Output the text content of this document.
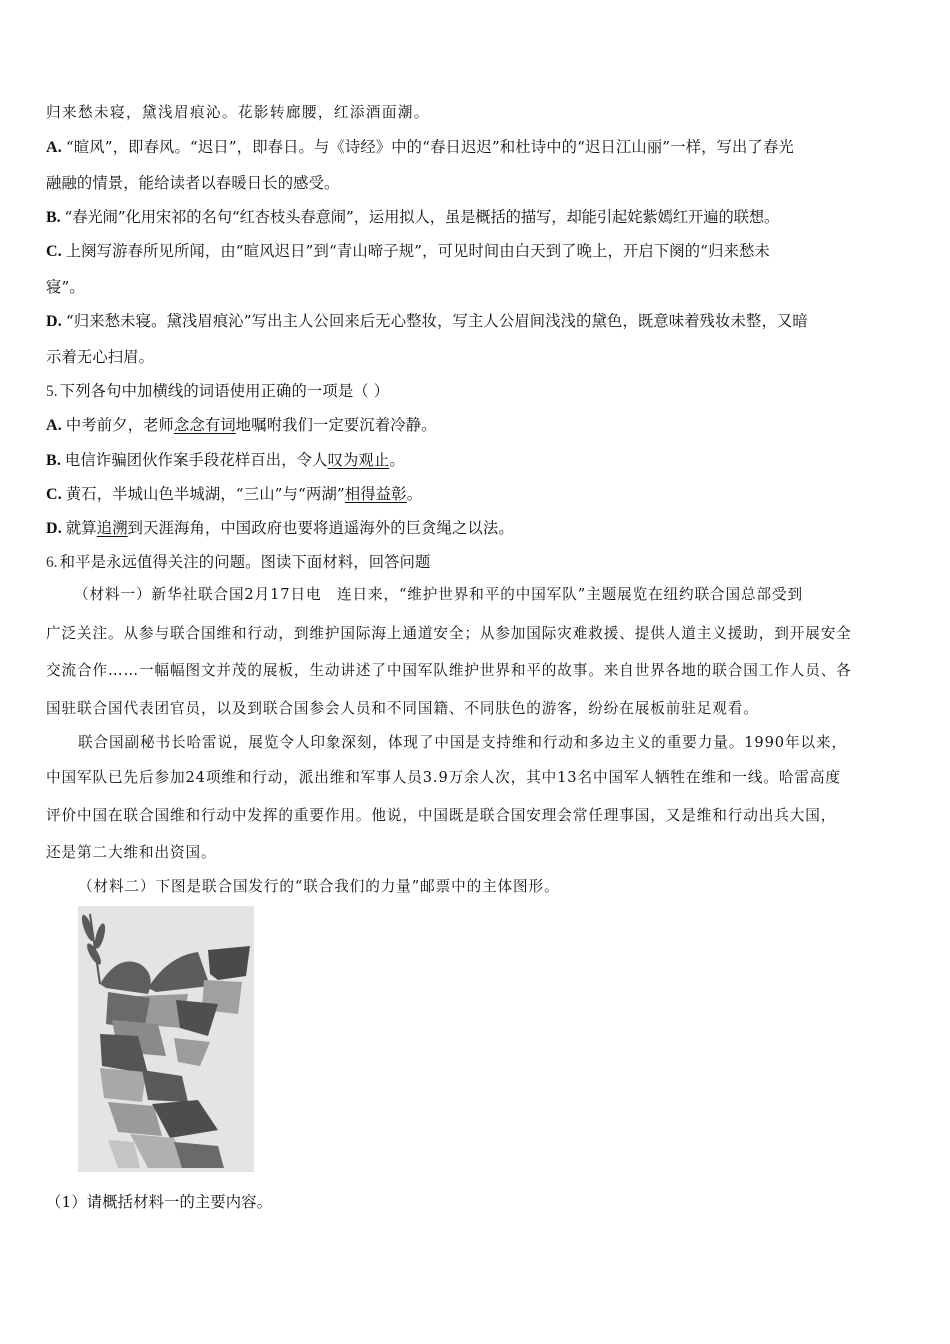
归来愁未寝，黛浅眉痕沁。花影转廊腰，红添酒面潮。
A. “暄风”，即春风。“迟日”，即春日。与《诗经》中的“春日迟迟”和杜诗中的“迟日江山丽”一样，写出了春光
融融的情景，能给读者以春暖日长的感受。
B. “春光闹”化用宋祁的名句“红杏枝头春意闹”，运用拟人，虽是概括的描写，却能引起姹紫嫣红开遍的联想。
C. 上阕写游春所见所闻，由“暄风迟日”到“青山啼子规”，可见时间由白天到了晚上，开启下阕的“归来愁未
寝”。
D. “归来愁未寝。黛浅眉痕沁”写出主人公回来后无心整妆，写主人公眉间浅浅的黛色，既意味着残妆未整，又暗
示着无心扫眉。
5. 下列各句中加横线的词语使用正确的一项是（ ）
A. 中考前夕，老师念念有词地嘱咐我们一定要沉着冷静。
B. 电信诈骗团伙作案手段花样百出，令人叹为观止。
C. 黄石，半城山色半城湖，“三山”与“两湖”相得益彰。
D. 就算追溯到天涯海角，中国政府也要将逍遥海外的巨贪绳之以法。
6. 和平是永远值得关注的问题。图读下面材料，回答问题
（材料一）新华社联合国2月17日电　连日来，“维护世界和平的中国军队”主题展览在纽约联合国总部受到
广泛关注。从参与联合国维和行动，到维护国际海上通道安全；从参加国际灾难救援、提供人道主义援助，到开展安全
交流合作……一幅幅图文并茂的展板，生动讲述了中国军队维护世界和平的故事。来自世界各地的联合国工作人员、各
国驻联合国代表团官员，以及到联合国参会人员和不同国籍、不同肤色的游客，纷纷在展板前驻足观看。
联合国副秘书长哈雷说，展览令人印象深刻，体现了中国是支持维和行动和多边主义的重要力量。1990年以来，
中国军队已先后参加24项维和行动，派出维和军事人员3.9万余人次，其中13名中国军人牺牲在维和一线。哈雷高度
评价中国在联合国维和行动中发挥的重要作用。他说，中国既是联合国安理会常任理事国，又是维和行动出兵大国，
还是第二大维和出资国。
（材料二）下图是联合国发行的“联合我们的力量”邮票中的主体图形。
（1）请概括材料一的主要内容。
